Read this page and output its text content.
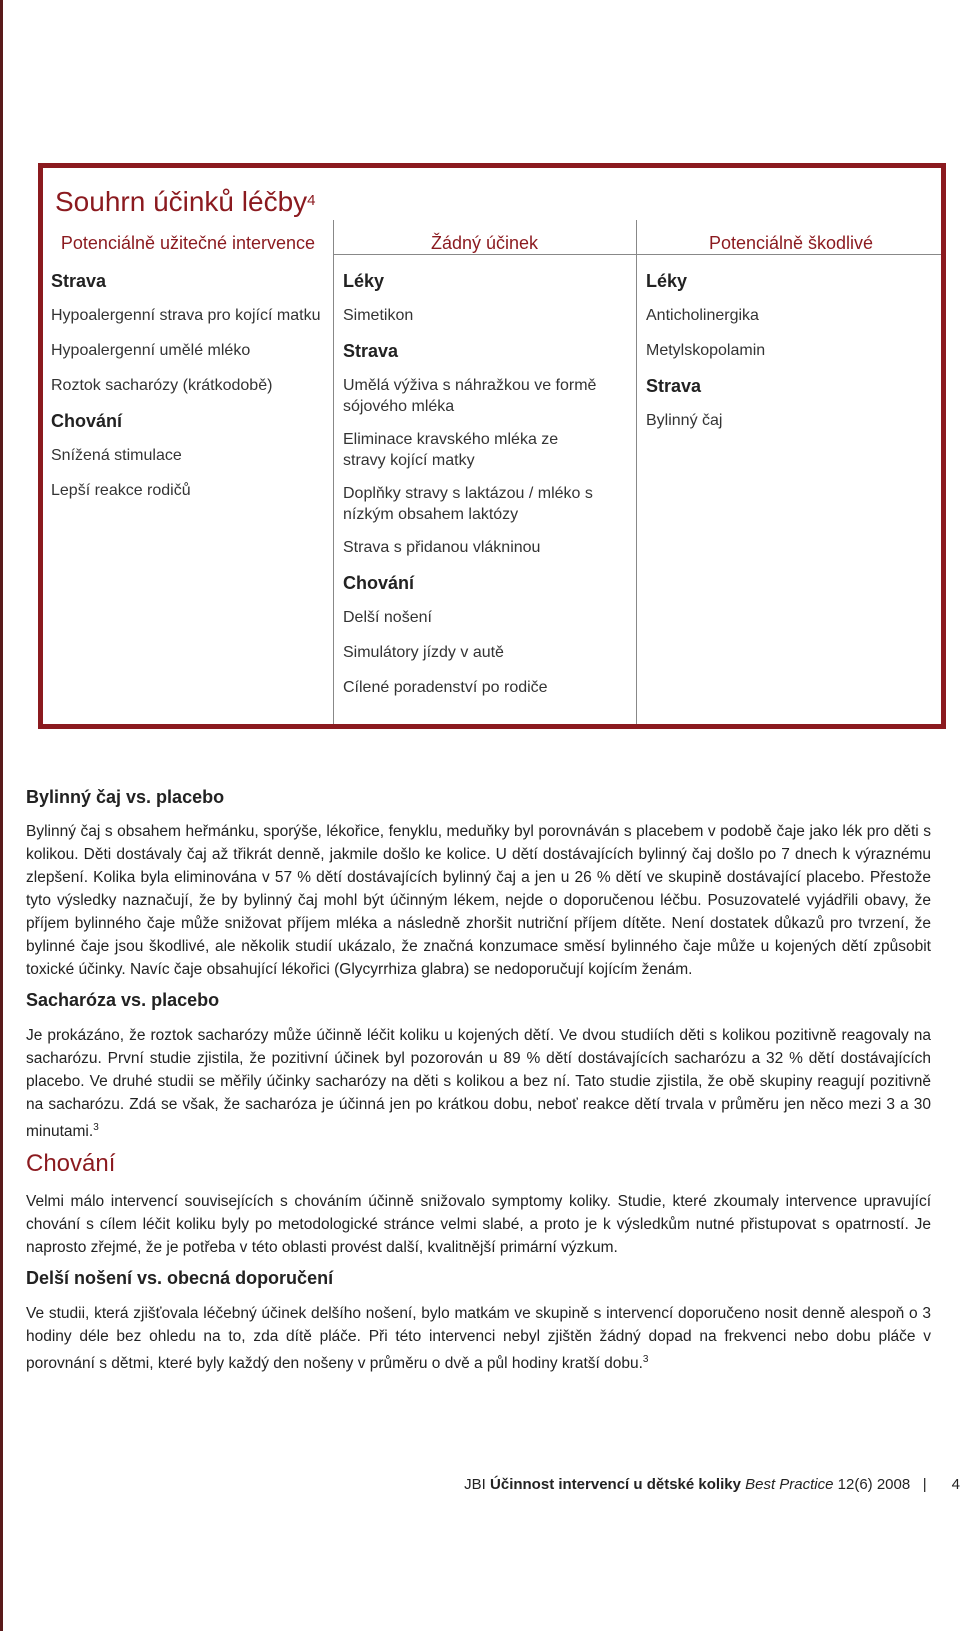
Souhrn účinků léčby$^4$
Potenciálně užitečné intervence	Žádný účinek	Potenciálně škodlivé
Strava
Hypoalergenní strava pro kojící matku
Hypoalergenní umělé mléko
Roztok sacharózy (krátkodobě)
Chování
Snížená stimulace
Lepší reakce rodičů
Léky
Simetikon
Strava
Umělá výživa s náhražkou ve formě sójového mléka
Eliminace kravského mléka ze stravy kojící matky
Doplňky stravy s laktázou / mléko s nízkým obsahem laktózy
Strava s přidanou vlákninou
Chování
Delší nošení
Simulátory jízdy v autě
Cílené poradenství po rodiče
Léky
Anticholinergika
Metylskopolamin
Strava
Bylinný čaj
Bylinný čaj vs. placebo
Bylinný čaj s obsahem heřmánku, sporýše, lékořice, fenyklu, meduňky byl porovnáván s placebem v podobě čaje jako lék pro děti s kolikou. Děti dostávaly čaj až třikrát denně, jakmile došlo ke kolice. U dětí dostávajících bylinný čaj došlo po 7 dnech k výraznému zlepšení. Kolika byla eliminována v 57 % dětí dostávajících bylinný čaj a jen u 26 % dětí ve skupině dostávající placebo. Přestože tyto výsledky naznačují, že by bylinný čaj mohl být účinným lékem, nejde o doporučenou léčbu. Posuzovatelé vyjádřili obavy, že příjem bylinného čaje může snižovat příjem mléka a následně zhoršit nutriční příjem dítěte. Není dostatek důkazů pro tvrzení, že bylinné čaje jsou škodlivé, ale několik studií ukázalo, že značná konzumace směsí bylinného čaje může u kojených dětí způsobit toxické účinky. Navíc čaje obsahující lékořici (Glycyrrhiza glabra) se nedoporučují kojícím ženám.
Sacharóza vs. placebo
Je prokázáno, že roztok sacharózy může účinně léčit koliku u kojených dětí. Ve dvou studiích děti s kolikou pozitivně reagovaly na sacharózu. První studie zjistila, že pozitivní účinek byl pozorován u 89 % dětí dostávajících sacharózu a 32 % dětí dostávajících placebo. Ve druhé studii se měřily účinky sacharózy na děti s kolikou a bez ní. Tato studie zjistila, že obě skupiny reagují pozitivně na sacharózu. Zdá se však, že sacharóza je účinná jen po krátkou dobu, neboť reakce dětí trvala v průměru jen něco mezi 3 a 30 minutami.$^3$
Chování
Velmi málo intervencí souvisejících s chováním účinně snižovalo symptomy koliky. Studie, které zkoumaly intervence upravující chování s cílem léčit koliku byly po metodologické stránce velmi slabé, a proto je k výsledkům nutné přistupovat s opatrností. Je naprosto zřejmé, že je potřeba v této oblasti provést další, kvalitnější primární výzkum.
Delší nošení vs. obecná doporučení
Ve studii, která zjišťovala léčebný účinek delšího nošení, bylo matkám ve skupině s intervencí doporučeno nosit denně alespoň o 3 hodiny déle bez ohledu na to, zda dítě pláče. Při této intervenci nebyl zjištěn žádný dopad na frekvenci nebo dobu pláče v porovnání s dětmi, které byly každý den nošeny v průměru o dvě a půl hodiny kratší dobu.$^3$
JBI Účinnost intervencí u dětské koliky Best Practice 12(6) 2008 | 4
